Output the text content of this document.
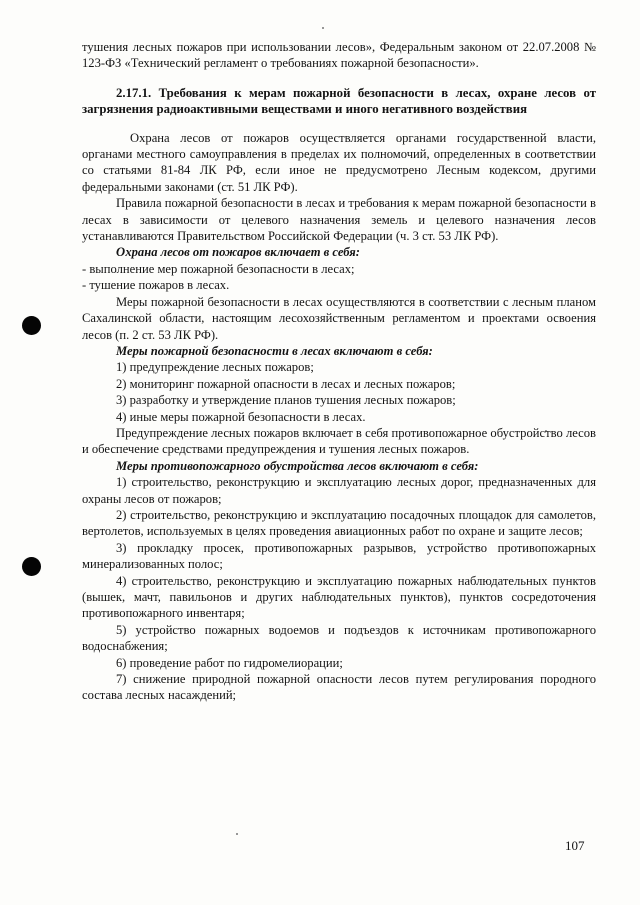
тушения лесных пожаров при использовании лесов», Федеральным законом от 22.07.2008 № 123-ФЗ «Технический регламент о требованиях пожарной безопасности».

2.17.1. Требования к мерам пожарной безопасности в лесах, охране лесов от загрязнения радиоактивными веществами и иного негативного воздействия

Охрана лесов от пожаров осуществляется органами государственной власти, органами местного самоуправления в пределах их полномочий, определенных в соответствии со статьями 81-84 ЛК РФ, если иное не предусмотрено Лесным кодексом, другими федеральными законами (ст. 51 ЛК РФ).

Правила пожарной безопасности в лесах и требования к мерам пожарной безопасности в лесах в зависимости от целевого назначения земель и целевого назначения лесов устанавливаются Правительством Российской Федерации (ч. 3 ст. 53 ЛК РФ).

Охрана лесов от пожаров включает в себя:

- выполнение мер пожарной безопасности в лесах;

- тушение пожаров в лесах.

Меры пожарной безопасности в лесах осуществляются в соответствии с лесным планом Сахалинской области, настоящим лесохозяйственным регламентом и проектами освоения лесов (п. 2 ст. 53 ЛК РФ).

Меры пожарной безопасности в лесах включают в себя:

1) предупреждение лесных пожаров;

2) мониторинг пожарной опасности в лесах и лесных пожаров;

3) разработку и утверждение планов тушения лесных пожаров;

4) иные меры пожарной безопасности в лесах.

Предупреждение лесных пожаров включает в себя противопожарное обустройство лесов и обеспечение средствами предупреждения и тушения лесных пожаров.

Меры противопожарного обустройства лесов включают в себя:

1) строительство, реконструкцию и эксплуатацию лесных дорог, предназначенных для охраны лесов от пожаров;

2) строительство, реконструкцию и эксплуатацию посадочных площадок для самолетов, вертолетов, используемых в целях проведения авиационных работ по охране и защите лесов;

3) прокладку просек, противопожарных разрывов, устройство противопожарных минерализованных полос;

4) строительство, реконструкцию и эксплуатацию пожарных наблюдательных пунктов (вышек, мачт, павильонов и других наблюдательных пунктов), пунктов сосредоточения противопожарного инвентаря;

5) устройство пожарных водоемов и подъездов к источникам противопожарного водоснабжения;

6) проведение работ по гидромелиорации;

7) снижение природной пожарной опасности лесов путем регулирования породного состава лесных насаждений;

107
